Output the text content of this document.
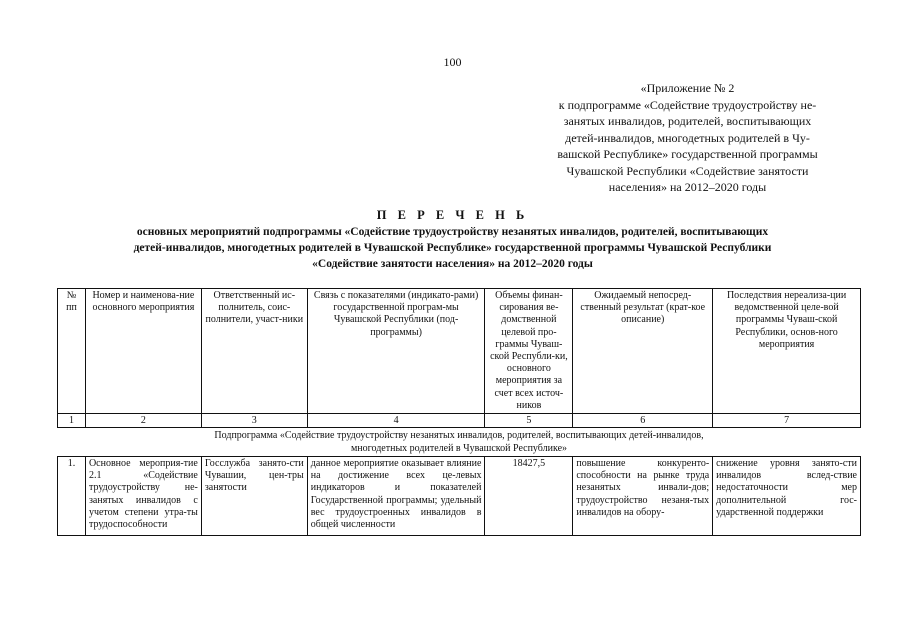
100
«Приложение № 2
к подпрограмме «Содействие трудоустройству не-
занятых инвалидов, родителей, воспитывающих
детей-инвалидов, многодетных родителей в Чу-
вашской Республике» государственной программы
Чувашской Республики «Содействие занятости
населения» на 2012–2020 годы
П Е Р Е Ч Е Н Ь
основных мероприятий подпрограммы «Содействие трудоустройству незанятых инвалидов, родителей, воспитывающих
детей-инвалидов, многодетных родителей в Чувашской Республике» государственной программы Чувашской Республики
«Содействие занятости населения» на 2012–2020 годы
№ пп	Номер и наименова-ние основного мероприятия	Ответственный ис-полнитель, соис-полнители, участ-ники	Связь с показателями (индикато-рами) государственной програм-мы Чувашской Республики (под-программы)	Объемы финан-сирования ве-домственной целевой про-граммы Чуваш-ской Республи-ки, основного мероприятия за счет всех источ-ников	Ожидаемый непосред-ственный результат (крат-кое описание)	Последствия нереализа-ции ведомственной целе-вой программы Чуваш-ской Республики, основ-ного мероприятия
1	2	3	4	5	6	7

Подпрограмма «Содействие трудоустройству незанятых инвалидов, родителей, воспитывающих детей-инвалидов,
многодетных родителей в Чувашской Республике»						

1.	Основное мероприя-тие 2.1 «Содействие трудоустройству не-занятых инвалидов с учетом степени утра-ты трудоспособности	Госслужба занято-сти Чувашии, цен-тры занятости	данное мероприятие оказывает влияние на достижение всех це-левых индикаторов и показателей Государственной программы; удельный вес трудоустроенных инвалидов в общей численности	18427,5	повышение конкуренто-способности на рынке труда незанятых инвали-дов; трудоустройство незаня-тых инвалидов на обору-	снижение уровня занято-сти инвалидов вслед-ствие недостаточности мер дополнительной гос-ударственной поддержки
